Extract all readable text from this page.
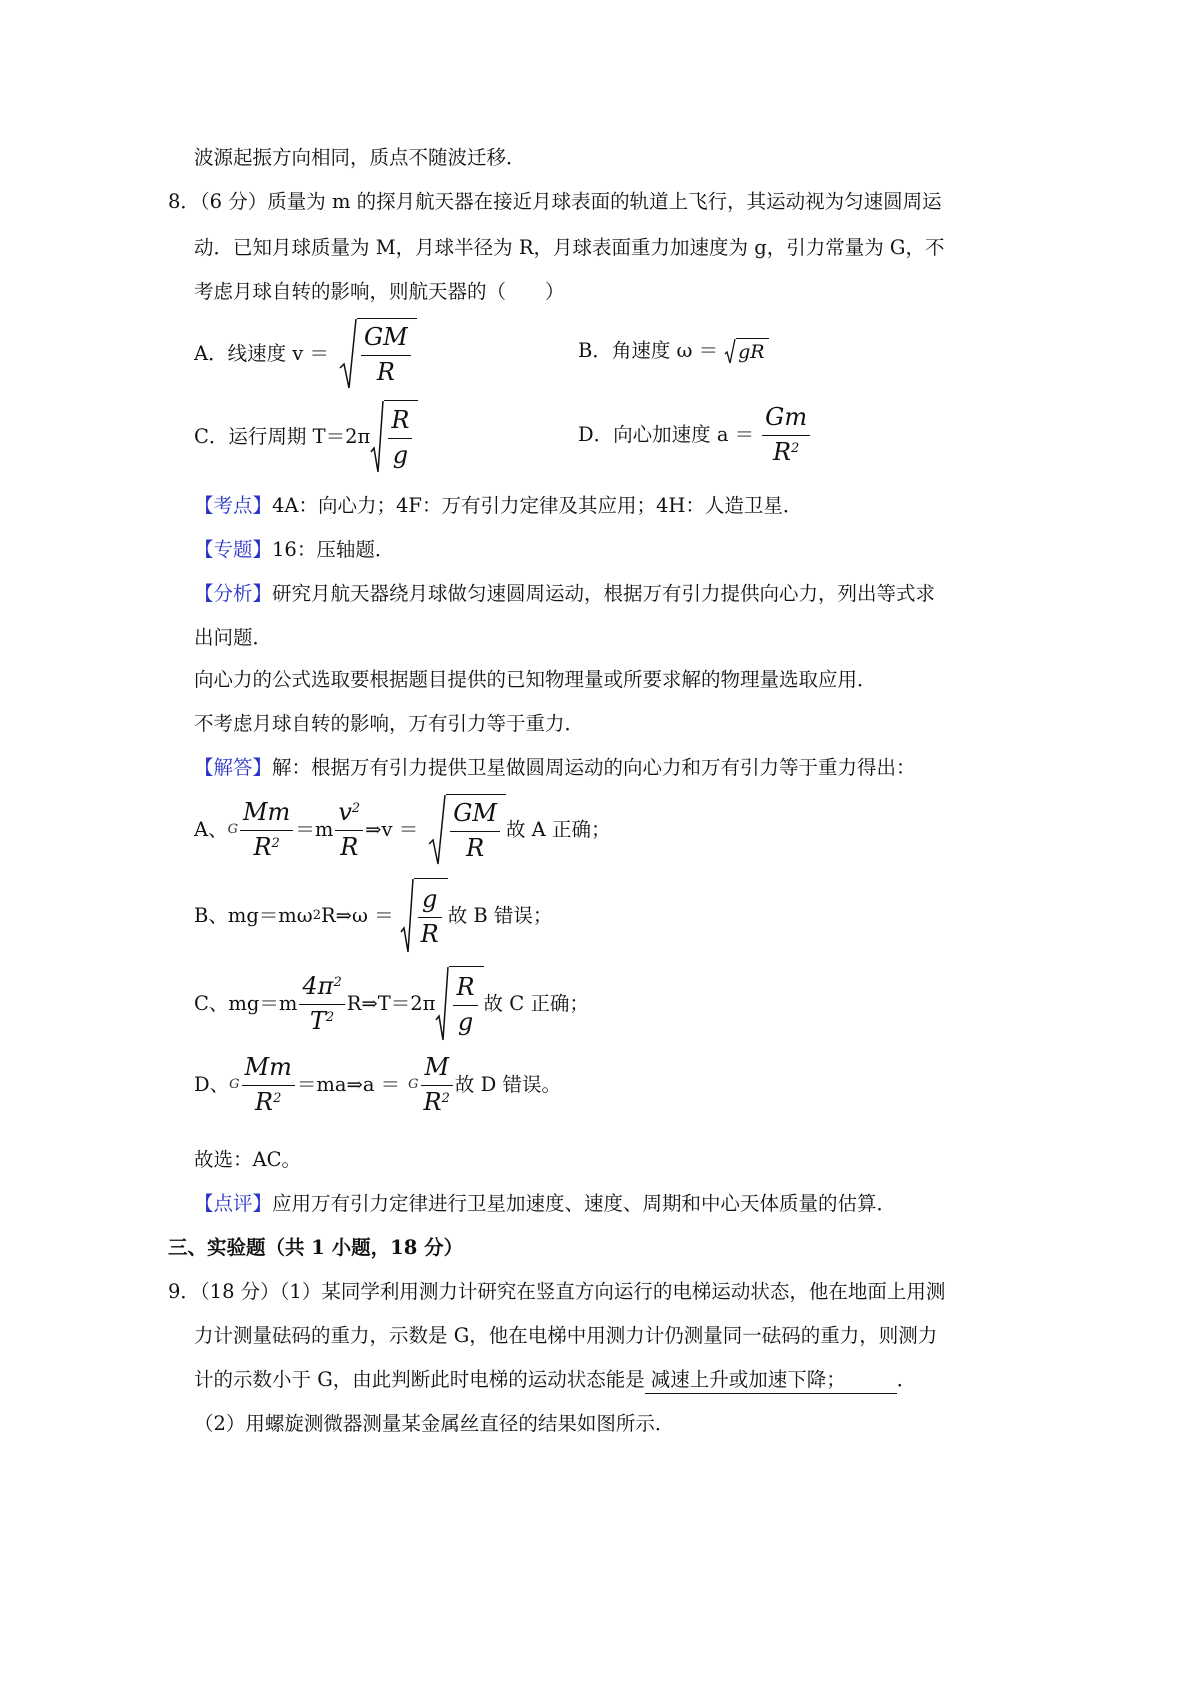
波源起振方向相同，质点不随波迁移．
8．（6 分）质量为 m 的探月航天器在接近月球表面的轨道上飞行，其运动视为匀速圆周运
动．已知月球质量为 M，月球半径为 R，月球表面重力加速度为 g，引力常量为 G，不
考虑月球自转的影响，则航天器的（　　）
A．线速度 $v = \frac{GM}{R}$	B．角速度 ω ＝ gR
C．运行周期 $T=2\pi \frac{R}{g}$	D．向心加速度 $a = \frac{Gm}{R^2}$
【考点】4A：向心力；4F：万有引力定律及其应用；4H：人造卫星．
【专题】16：压轴题．
【分析】研究月航天器绕月球做匀速圆周运动，根据万有引力提供向心力，列出等式求
出问题．
向心力的公式选取要根据题目提供的已知物理量或所要求解的物理量选取应用．
不考虑月球自转的影响，万有引力等于重力．
【解答】解：根据万有引力提供卫星做圆周运动的向心力和万有引力等于重力得出：
A、 G $\frac{Mm}{R^2} =m \frac{v^2}{R}$ ⇒v ＝ $\frac{GM}{R}$ 故 A 正确；
B、mg＝mω 2 R⇒ω ＝ $\frac{g}{R}$ 故 B 错误；
C、$mg=m \frac{4\pi^2}{T^2}$ R⇒T＝2π $\frac{R}{g}$ 故 C 正确；
D、 G $\frac{Mm}{R^2}$ ＝ma⇒a ＝ G $\frac{M}{R^2}$ 故 D 错误。
故选：AC。
【点评】应用万有引力定律进行卫星加速度、速度、周期和中心天体质量的估算．
三、实验题（共 1 小题，18 分）
9．（18 分）（1）某同学利用测力计研究在竖直方向运行的电梯运动状态，他在地面上用测
力计测量砝码的重力，示数是 G，他在电梯中用测力计仍测量同一砝码的重力，则测力
计的示数小于 G，由此判断此时电梯的运动状态能是 减速上升或加速下降；	．
（2）用螺旋测微器测量某金属丝直径的结果如图所示．
